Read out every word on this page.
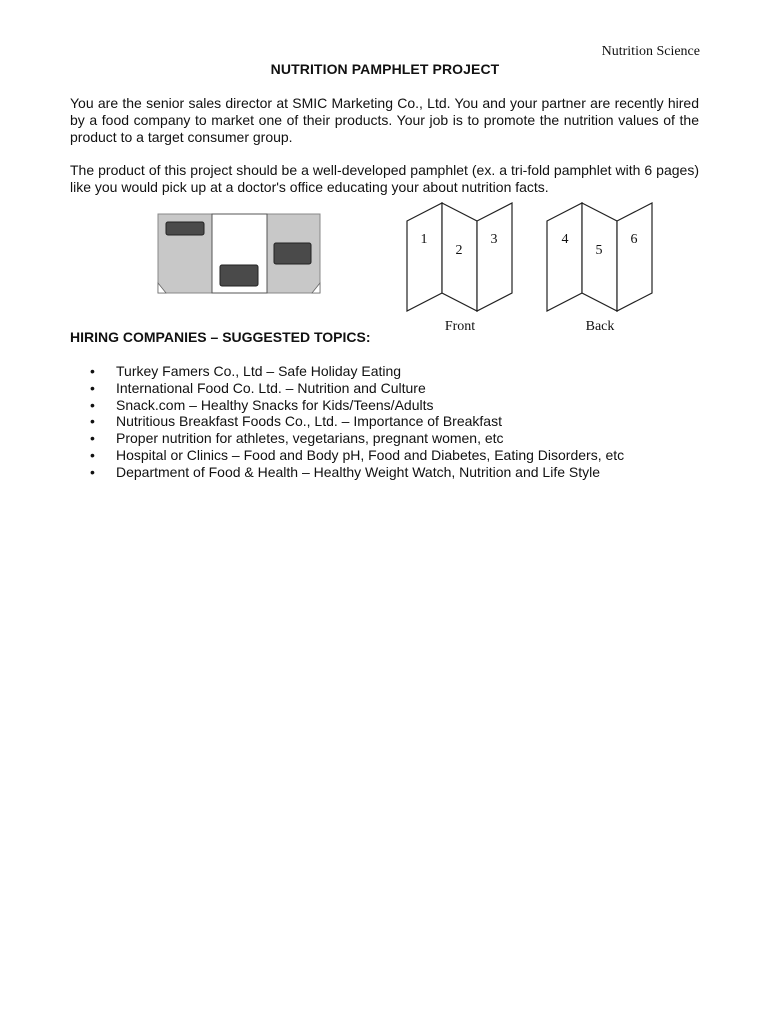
Nutrition Science
NUTRITION PAMPHLET PROJECT

You are the senior sales director at SMIC Marketing Co., Ltd. You and your partner are recently hired by a food company to market one of their products. Your job is to promote the nutrition values of the product to a target consumer group.

The product of this project should be a well-developed pamphlet (ex. a tri-fold pamphlet with 6 pages) like you would pick up at a doctor's office educating your about nutrition facts.

1
2
3
Front
4
5
6
Back
HIRING COMPANIES – SUGGESTED TOPICS:
• Turkey Famers Co., Ltd – Safe Holiday Eating
• International Food Co. Ltd. – Nutrition and Culture
• Snack.com – Healthy Snacks for Kids/Teens/Adults
• Nutritious Breakfast Foods Co., Ltd. – Importance of Breakfast
• Proper nutrition for athletes, vegetarians, pregnant women, etc
• Hospital or Clinics – Food and Body pH, Food and Diabetes, Eating Disorders, etc
• Department of Food & Health – Healthy Weight Watch, Nutrition and Life Style
